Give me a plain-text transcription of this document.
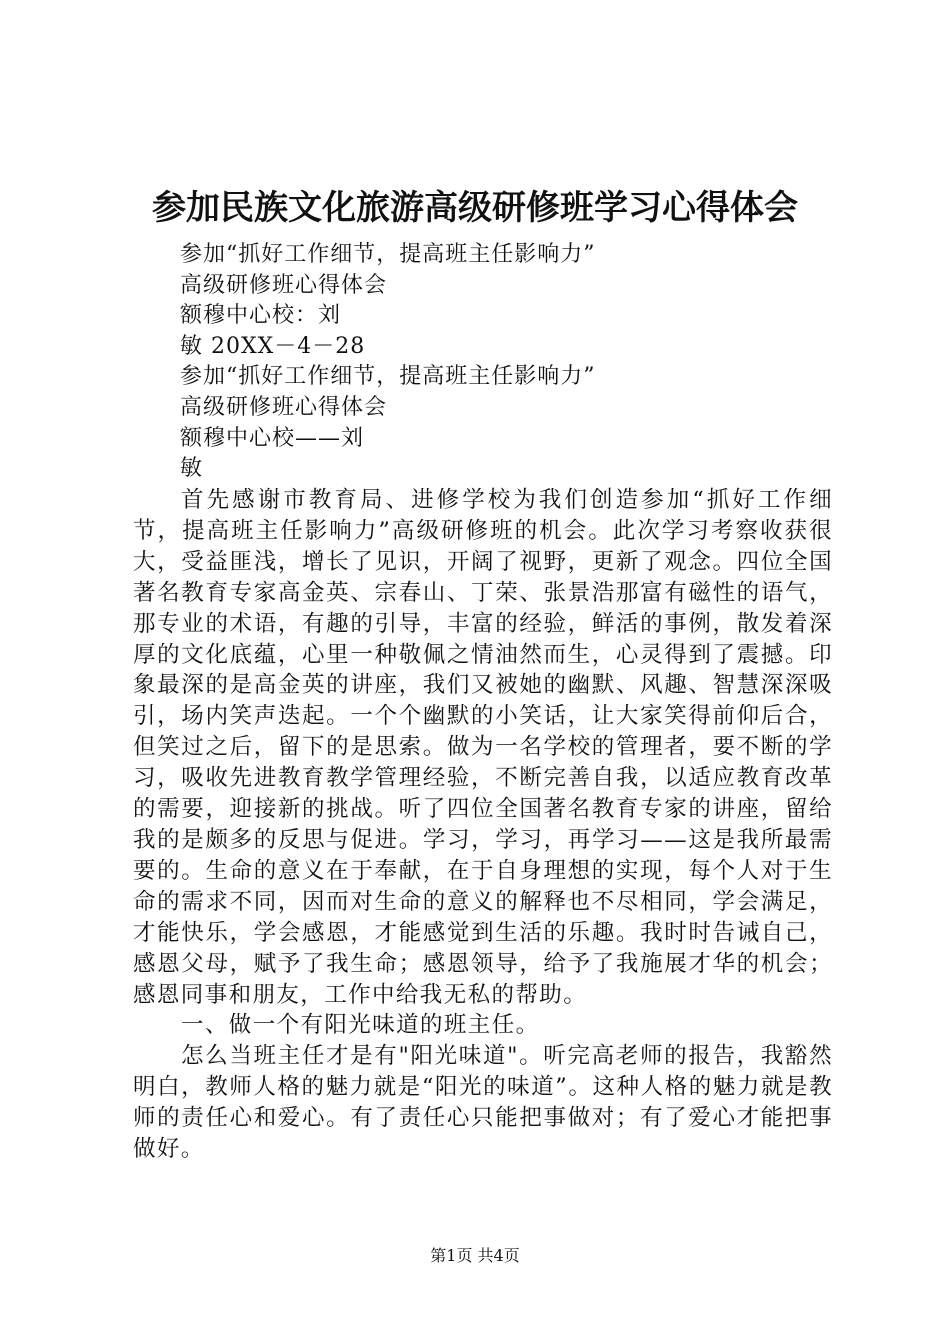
参加民族文化旅游高级研修班学习心得体会
参加“抓好工作细节，提高班主任影响力”
高级研修班心得体会
额穆中心校：刘
敏 20XX－4－28
参加“抓好工作细节，提高班主任影响力”
高级研修班心得体会
额穆中心校——刘
敏

首先感谢市教育局、进修学校为我们创造参加“抓好工作细节，提高班主任影响力”高级研修班的机会。此次学习考察收获很大，受益匪浅，增长了见识，开阔了视野，更新了观念。四位全国著名教育专家高金英、宗春山、丁荣、张景浩那富有磁性的语气，那专业的术语，有趣的引导，丰富的经验，鲜活的事例，散发着深厚的文化底蕴，心里一种敬佩之情油然而生，心灵得到了震撼。印象最深的是高金英的讲座，我们又被她的幽默、风趣、智慧深深吸引，场内笑声迭起。一个个幽默的小笑话，让大家笑得前仰后合，但笑过之后，留下的是思索。做为一名学校的管理者，要不断的学习，吸收先进教育教学管理经验，不断完善自我，以适应教育改革的需要，迎接新的挑战。听了四位全国著名教育专家的讲座，留给我的是颇多的反思与促进。学习，学习，再学习——这是我所最需要的。生命的意义在于奉献，在于自身理想的实现，每个人对于生命的需求不同，因而对生命的意义的解释也不尽相同，学会满足，才能快乐，学会感恩，才能感觉到生活的乐趣。我时时告诫自己，感恩父母，赋予了我生命；感恩领导，给予了我施展才华的机会；感恩同事和朋友，工作中给我无私的帮助。

一、做一个有阳光味道的班主任。

怎么当班主任才是有"阳光味道"。听完高老师的报告，我豁然明白，教师人格的魅力就是“阳光的味道”。这种人格的魅力就是教师的责任心和爱心。有了责任心只能把事做对；有了爱心才能把事做好。

第1页 共4页
